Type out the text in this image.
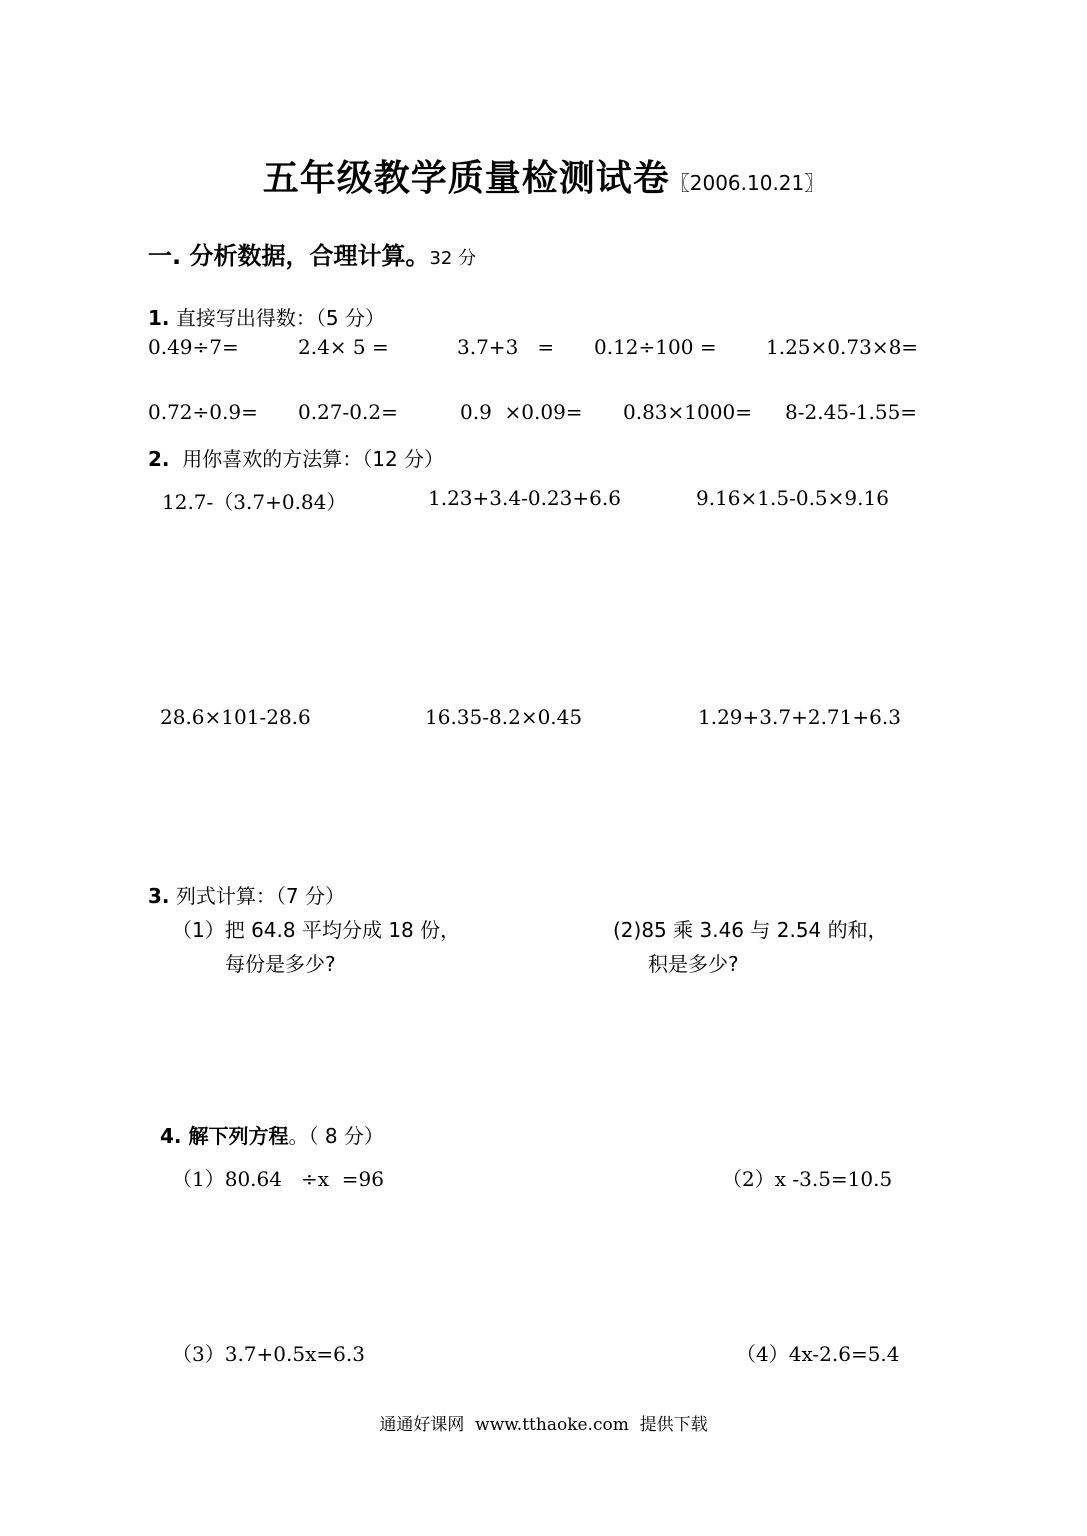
五年级教学质量检测试卷〖2006.10.21〗
一. 分析数据，合理计算。32 分
1. 直接写出得数：（5 分）
0.49÷7=	2.4× 5 =	3.7+3   = 0.12÷100 = 1.25×0.73×8=
0.72÷0.9= 0.27-0.2=	0.9  ×0.09= 0.83×1000= 8-2.45-1.55=
2.  用你喜欢的方法算：（12 分）
12.7-（3.7+0.84）	1.23+3.4-0.23+6.6	9.16×1.5-0.5×9.16
28.6×101-28.6	16.35-8.2×0.45	1.29+3.7+2.71+6.3
3. 列式计算：（7 分）
（1）把 64.8 平均分成 18 份，
每份是多少?
(2)85 乘 3.46 与 2.54 的和，
积是多少?
4. 解下列方程。（ 8 分）
（1）80.64   ÷x  =96	（2）x -3.5=10.5
（3）3.7+0.5x=6.3	（4）4x-2.6=5.4
通通好课网  www.tthaoke.com  提供下载
